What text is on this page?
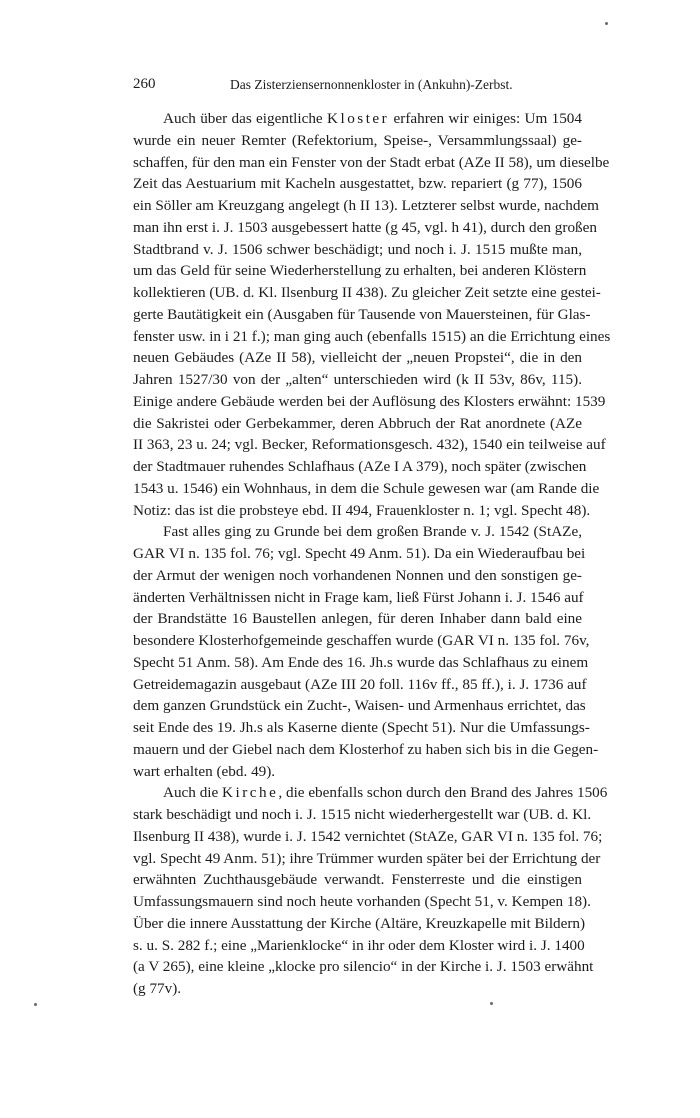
260	Das Zisterziensernonnenkloster in (Ankuhn)-Zerbst.
Auch über das eigentliche Kloster erfahren wir einiges: Um 1504
wurde ein neuer Remter (Refektorium, Speise-, Versammlungssaal) ge-
schaffen, für den man ein Fenster von der Stadt erbat (AZe II 58), um dieselbe
Zeit das Aestuarium mit Kacheln ausgestattet, bzw. repariert (g 77), 1506
ein Söller am Kreuzgang angelegt (h II 13). Letzterer selbst wurde, nachdem
man ihn erst i. J. 1503 ausgebessert hatte (g 45, vgl. h 41), durch den großen
Stadtbrand v. J. 1506 schwer beschädigt; und noch i. J. 1515 mußte man,
um das Geld für seine Wiederherstellung zu erhalten, bei anderen Klöstern
kollektieren (UB. d. Kl. Ilsenburg II 438). Zu gleicher Zeit setzte eine gestei-
gerte Bautätigkeit ein (Ausgaben für Tausende von Mauersteinen, für Glas-
fenster usw. in i 21 f.); man ging auch (ebenfalls 1515) an die Errichtung eines
neuen Gebäudes (AZe II 58), vielleicht der „neuen Propstei“, die in den
Jahren 1527/30 von der „alten“ unterschieden wird (k II 53v, 86v, 115).
Einige andere Gebäude werden bei der Auflösung des Klosters erwähnt: 1539
die Sakristei oder Gerbekammer, deren Abbruch der Rat anordnete (AZe
II 363, 23 u. 24; vgl. Becker, Reformationsgesch. 432), 1540 ein teilweise auf
der Stadtmauer ruhendes Schlafhaus (AZe I A 379), noch später (zwischen
1543 u. 1546) ein Wohnhaus, in dem die Schule gewesen war (am Rande die
Notiz: das ist die probsteye ebd. II 494, Frauenkloster n. 1; vgl. Specht 48).
Fast alles ging zu Grunde bei dem großen Brande v. J. 1542 (StAZe,
GAR VI n. 135 fol. 76; vgl. Specht 49 Anm. 51). Da ein Wiederaufbau bei
der Armut der wenigen noch vorhandenen Nonnen und den sonstigen ge-
änderten Verhältnissen nicht in Frage kam, ließ Fürst Johann i. J. 1546 auf
der Brandstätte 16 Baustellen anlegen, für deren Inhaber dann bald eine
besondere Klosterhofgemeinde geschaffen wurde (GAR VI n. 135 fol. 76v,
Specht 51 Anm. 58). Am Ende des 16. Jh.s wurde das Schlafhaus zu einem
Getreidemagazin ausgebaut (AZe III 20 foll. 116v ff., 85 ff.), i. J. 1736 auf
dem ganzen Grundstück ein Zucht-, Waisen- und Armenhaus errichtet, das
seit Ende des 19. Jh.s als Kaserne diente (Specht 51). Nur die Umfassungs-
mauern und der Giebel nach dem Klosterhof zu haben sich bis in die Gegen-
wart erhalten (ebd. 49).
Auch die Kirche, die ebenfalls schon durch den Brand des Jahres 1506
stark beschädigt und noch i. J. 1515 nicht wiederhergestellt war (UB. d. Kl.
Ilsenburg II 438), wurde i. J. 1542 vernichtet (StAZe, GAR VI n. 135 fol. 76;
vgl. Specht 49 Anm. 51); ihre Trümmer wurden später bei der Errichtung der
erwähnten Zuchthausgebäude verwandt. Fensterreste und die einstigen
Umfassungsmauern sind noch heute vorhanden (Specht 51, v. Kempen 18).
Über die innere Ausstattung der Kirche (Altäre, Kreuzkapelle mit Bildern)
s. u. S. 282 f.; eine „Marienklocke“ in ihr oder dem Kloster wird i. J. 1400
(a V 265), eine kleine „klocke pro silencio“ in der Kirche i. J. 1503 erwähnt
(g 77v).
